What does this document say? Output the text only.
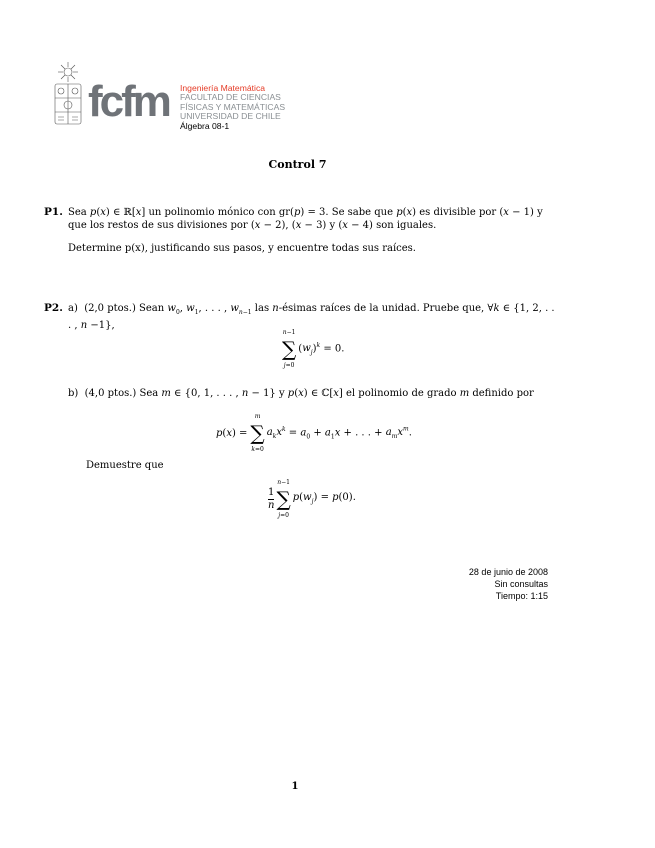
fcfm Ingeniería Matemática
FACULTAD DE CIENCIAS
FÍSICAS Y MATEMÁTICAS
UNIVERSIDAD DE CHILE
Álgebra 08-1
Control 7
P1. Sea p(x) ∈ ℝ[x] un polinomio mónico con gr(p) = 3. Se sabe que p(x) es divisible por (x − 1) y que los restos de sus divisiones por (x − 2), (x − 3) y (x − 4) son iguales.
Determine p(x), justificando sus pasos, y encuentre todas sus raíces.
P2. a)  (2,0 ptos.) Sean $w_0$, $w_1$, . . . , $w_{n-1}$ las n-ésimas raíces de la unidad. Pruebe que, ∀k ∈ {1, 2, . . . , n −1},
n−1
∑
j=0
	$(w_j)^k = 0$.
b)  (4,0 ptos.) Sea m ∈ {0, 1, . . . , n − 1} y p(x) ∈ ℂ[x] el polinomio de grado m definido por
p(x) =	
m
∑
k=0
	$a_kx^k = a_0 + a_1x$ + . . . + $a_mx^m$.
Demuestre que
1
n

n−1
∑
j=0
	$p(w_j) = p(0)$.
28 de junio de 2008
Sin consultas
Tiempo: 1:15
1
